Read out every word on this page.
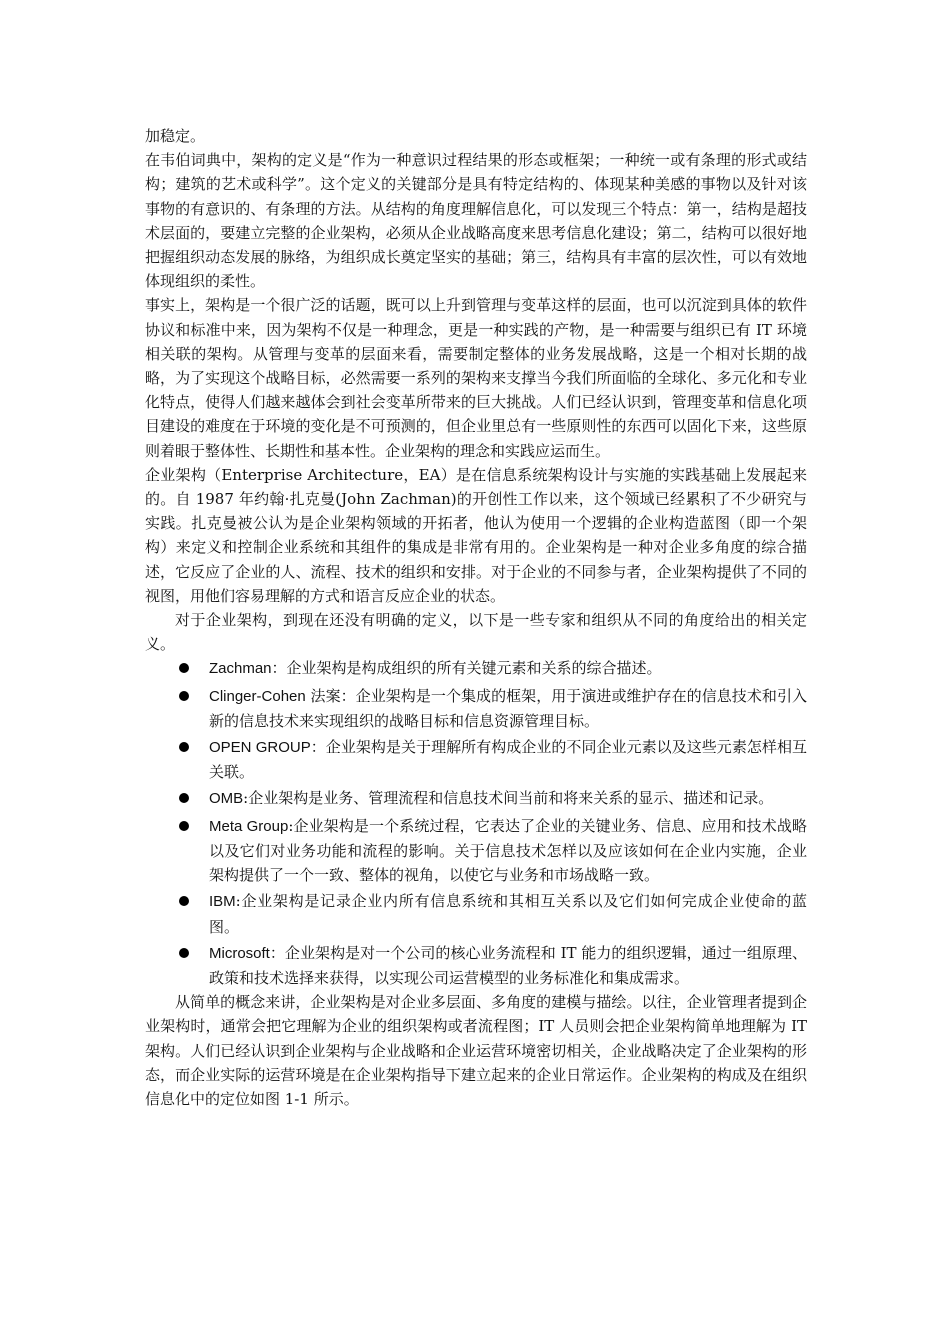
加稳定。

在韦伯词典中，架构的定义是“作为一种意识过程结果的形态或框架；一种统一或有条理的形式或结构；建筑的艺术或科学”。这个定义的关键部分是具有特定结构的、体现某种美感的事物以及针对该事物的有意识的、有条理的方法。从结构的角度理解信息化，可以发现三个特点：第一，结构是超技术层面的，要建立完整的企业架构，必须从企业战略高度来思考信息化建设；第二，结构可以很好地把握组织动态发展的脉络，为组织成长奠定坚实的基础；第三，结构具有丰富的层次性，可以有效地体现组织的柔性。

事实上，架构是一个很广泛的话题，既可以上升到管理与变革这样的层面，也可以沉淀到具体的软件协议和标准中来，因为架构不仅是一种理念，更是一种实践的产物，是一种需要与组织已有 IT 环境相关联的架构。从管理与变革的层面来看，需要制定整体的业务发展战略，这是一个相对长期的战略，为了实现这个战略目标，必然需要一系列的架构来支撑当今我们所面临的全球化、多元化和专业化特点，使得人们越来越体会到社会变革所带来的巨大挑战。人们已经认识到，管理变革和信息化项目建设的难度在于环境的变化是不可预测的，但企业里总有一些原则性的东西可以固化下来，这些原则着眼于整体性、长期性和基本性。企业架构的理念和实践应运而生。

企业架构（Enterprise Architecture，EA）是在信息系统架构设计与实施的实践基础上发展起来的。自 1987 年约翰·扎克曼(John Zachman)的开创性工作以来，这个领域已经累积了不少研究与实践。扎克曼被公认为是企业架构领域的开拓者，他认为使用一个逻辑的企业构造蓝图（即一个架构）来定义和控制企业系统和其组件的集成是非常有用的。企业架构是一种对企业多角度的综合描述，它反应了企业的人、流程、技术的组织和安排。对于企业的不同参与者，企业架构提供了不同的视图，用他们容易理解的方式和语言反应企业的状态。

对于企业架构，到现在还没有明确的定义，以下是一些专家和组织从不同的角度给出的相关定义。

Zachman：企业架构是构成组织的所有关键元素和关系的综合描述。
Clinger-Cohen 法案：企业架构是一个集成的框架，用于演进或维护存在的信息技术和引入新的信息技术来实现组织的战略目标和信息资源管理目标。
OPEN GROUP：企业架构是关于理解所有构成企业的不同企业元素以及这些元素怎样相互关联。
OMB:企业架构是业务、管理流程和信息技术间当前和将来关系的显示、描述和记录。
Meta Group:企业架构是一个系统过程，它表达了企业的关键业务、信息、应用和技术战略以及它们对业务功能和流程的影响。关于信息技术怎样以及应该如何在企业内实施，企业架构提供了一个一致、整体的视角，以使它与业务和市场战略一致。
IBM:企业架构是记录企业内所有信息系统和其相互关系以及它们如何完成企业使命的蓝图。
Microsoft：企业架构是对一个公司的核心业务流程和 IT 能力的组织逻辑，通过一组原理、政策和技术选择来获得，以实现公司运营模型的业务标准化和集成需求。

从简单的概念来讲，企业架构是对企业多层面、多角度的建模与描绘。以往，企业管理者提到企业架构时，通常会把它理解为企业的组织架构或者流程图；IT 人员则会把企业架构简单地理解为 IT 架构。人们已经认识到企业架构与企业战略和企业运营环境密切相关，企业战略决定了企业架构的形态，而企业实际的运营环境是在企业架构指导下建立起来的企业日常运作。企业架构的构成及在组织信息化中的定位如图 1-1 所示。
